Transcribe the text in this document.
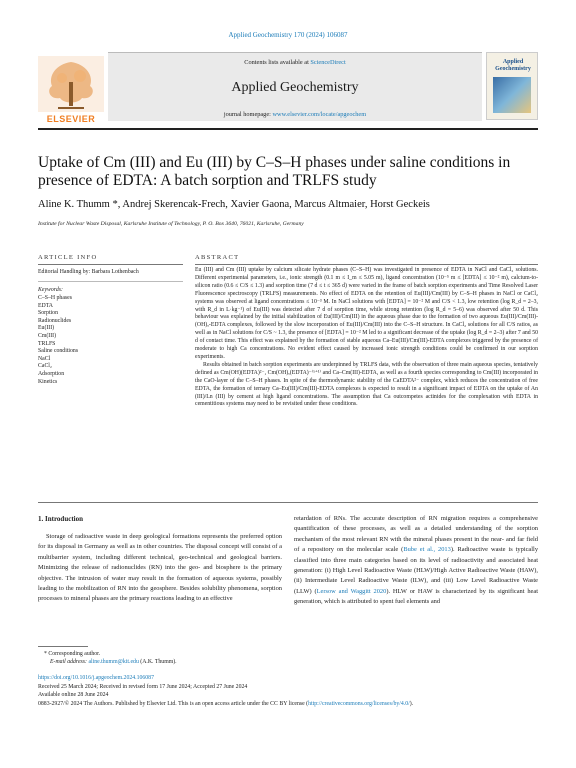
Applied Geochemistry 170 (2024) 106087
ELSEVIER
Contents lists available at ScienceDirect
Applied Geochemistry
journal homepage: www.elsevier.com/locate/apgeochem
Applied Geochemistry
Uptake of Cm (III) and Eu (III) by C–S–H phases under saline conditions in presence of EDTA: A batch sorption and TRLFS study
Aline K. Thumm *, Andrej Skerencak-Frech, Xavier Gaona, Marcus Altmaier, Horst Geckeis
Institute for Nuclear Waste Disposal, Karlsruhe Institute of Technology, P. O. Box 3640, 76021, Karlsruhe, Germany
ARTICLE INFO	ABSTRACT
Editorial Handling by: Barbara Lothenbach
Keywords:
C–S–H phases
EDTA
Sorption
Radionuclides
Eu(III)
Cm(III)
TRLFS
Saline conditions
NaCl
CaCl₂
Adsorption
Kinetics

Eu (III) and Cm (III) uptake by calcium silicate hydrate phases (C–S–H) was investigated in presence of EDTA in NaCl and CaCl₂ solutions. Different experimental parameters, i.e., ionic strength (0.1 m ≤ I_m ≤ 5.05 m), ligand concentration (10⁻⁵ m ≤ [EDTA] ≤ 10⁻² m), calcium-to-silicon ratio (0.6 ≤ C/S ≤ 1.3) and sorption time (7 d ≤ t ≤ 365 d) were varied in the frame of batch sorption experiments and Time Resolved Laser Fluorescence spectroscopy (TRLFS) measurements. No effect of EDTA on the retention of Eu(III)/Cm(III) by C–S–H phases in NaCl or CaCl₂ systems was observed at ligand concentrations ≤ 10⁻³ M. In NaCl solutions with [EDTA] = 10⁻² M and C/S < 1.3, low retention (log R_d = 2–3, with R_d in L·kg⁻¹) of Eu(III) was detected after 7 d of sorption time, while strong retention (log R_d = 5–6) was observed after 50 d. This behaviour was explained by the initial stabilization of Eu(III)/Cm(III) in the aqueous phase due to the formation of two aqueous Eu(III)/Cm(III)-(OH)ₓ-EDTA complexes, followed by the slow incorporation of Eu(III)/Cm(III) into the C–S–H structure. In CaCl₂ solutions for all C/S ratios, as well as in NaCl solutions for C/S ~ 1.3, the presence of [EDTA] = 10⁻² M led to a significant decrease of the uptake (log R_d = 2–3) after 7 and 50 d of contact time. This effect was explained by the formation of stable aqueous Ca–Eu(III)/Cm(III)-EDTA complexes triggered by the presence of moderate to high Ca concentrations. No evident effect caused by increased ionic strength conditions could be confirmed in our sorption experiments.

Results obtained in batch sorption experiments are underpinned by TRLFS data, with the observation of three main aqueous species, tentatively defined as Cm(OH)(EDTA)²⁻, Cm(OH)ₓ(EDTA)⁻⁽ˣ⁺¹⁾ and Ca–Cm(III)-EDTA, as well as a fourth species corresponding to Cm(III) incorporated in the CaO-layer of the C–S–H phases. In spite of the thermodynamic stability of the CaEDTA²⁻ complex, which reduces the concentration of free EDTA, the formation of ternary Ca–Eu(III)/Cm(III)-EDTA complexes is expected to result in a significant impact of EDTA on the uptake of An (III)/Ln (III) by cement at high ligand concentrations. The assumption that Ca outcompetes actinides for the complexation with EDTA in cementitious systems may need to be revisited under these conditions.

1. Introduction

Storage of radioactive waste in deep geological formations represents the preferred option for its disposal in Germany as well as in other countries. The disposal concept will consist of a multibarrier system, including different technical, geo-technical and geological barriers. Minimizing the release of radionuclides (RN) into the geo- and biosphere is the primary objective. The intrusion of water may result in the formation of aqueous systems, possibly leading to the mobilization of RN into the geosphere. Besides solubility phenomena, sorption processes to mineral phases are the primary reactions leading to an effective

retardation of RNs. The accurate description of RN migration requires a comprehensive quantification of these processes, as well as a detailed understanding of the sorption mechanism of the most relevant RN with the mineral phases present in the near- and far field of a repository on the molecular scale (Bube et al., 2013). Radioactive waste is typically classified into three main categories based on its level of radioactivity and associated heat generation: (i) High Level Radioactive Waste (HLW)/High Active Radioactive Waste (HAW), (ii) Intermediate Level Radioactive Waste (ILW), and (iii) Low Level Radioactive Waste (LLW) (Lersow and Waggitt 2020). HLW or HAW is characterized by its significant heat generation, which is attributed to spent fuel elements and

* Corresponding author.
E-mail address: aline.thumm@kit.edu (A.K. Thumm).
https://doi.org/10.1016/j.apgeochem.2024.106087
Received 25 March 2024; Received in revised form 17 June 2024; Accepted 27 June 2024
Available online 28 June 2024
0883-2927/© 2024 The Authors. Published by Elsevier Ltd. This is an open access article under the CC BY license (http://creativecommons.org/licenses/by/4.0/).
